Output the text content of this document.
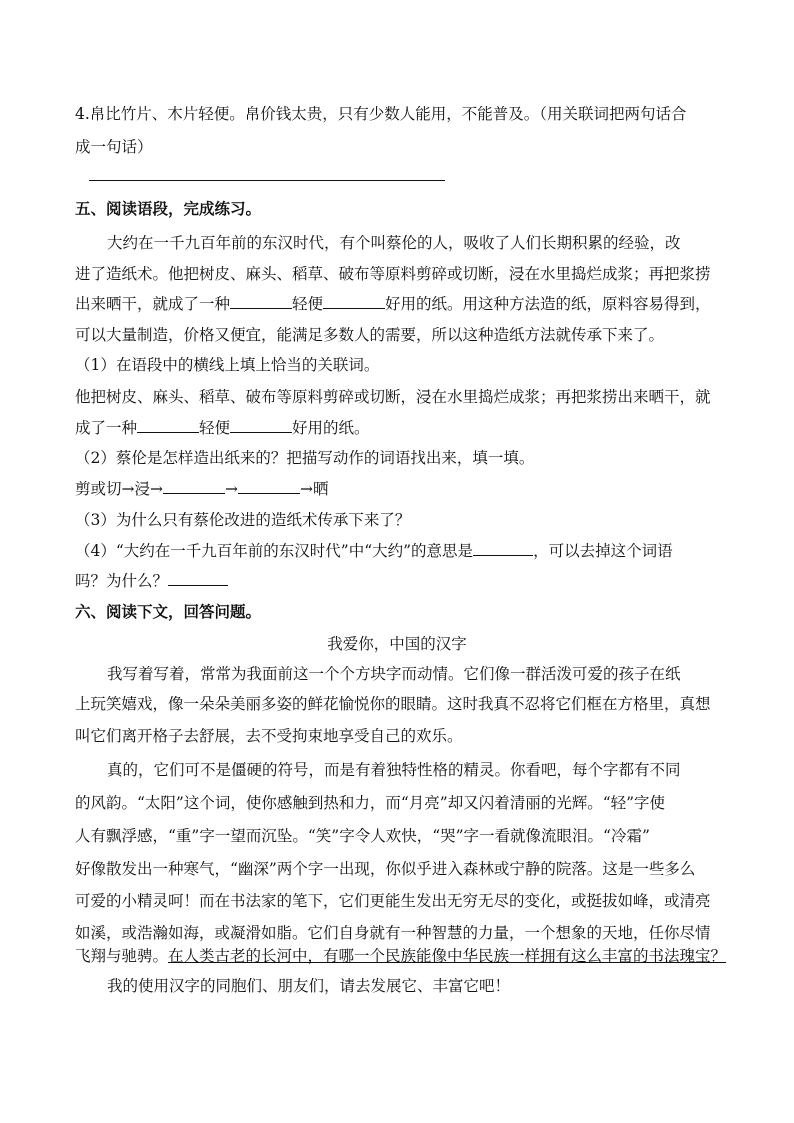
4.帛比竹片、木片轻便。帛价钱太贵，只有少数人能用，不能普及。（用关联词把两句话合
成一句话）
五、阅读语段，完成练习。
大约在一千九百年前的东汉时代，有个叫蔡伦的人，吸收了人们长期积累的经验，改
进了造纸术。他把树皮、麻头、稻草、破布等原料剪碎或切断，浸在水里捣烂成浆；再把浆捞
出来晒干，就成了一种	轻便	好用的纸。用这种方法造的纸，原料容易得到，
可以大量制造，价格又便宜，能满足多数人的需要，所以这种造纸方法就传承下来了。
（1）在语段中的横线上填上恰当的关联词。
他把树皮、麻头、稻草、破布等原料剪碎或切断，浸在水里捣烂成浆；再把浆捞出来晒干，就
成了一种	轻便	好用的纸。
（2）蔡伦是怎样造出纸来的？把描写动作的词语找出来，填一填。
剪或切→浸→	→	→晒
（3）为什么只有蔡伦改进的造纸术传承下来了？
（4）“大约在一千九百年前的东汉时代”中“大约”的意思是	，可以去掉这个词语
吗？为什么？
六、阅读下文，回答问题。
我爱你，中国的汉字
我写着写着，常常为我面前这一个个方块字而动情。它们像一群活泼可爱的孩子在纸
上玩笑嬉戏，像一朵朵美丽多姿的鲜花愉悦你的眼睛。这时我真不忍将它们框在方格里，真想
叫它们离开格子去舒展，去不受拘束地享受自己的欢乐。
真的，它们可不是僵硬的符号，而是有着独特性格的精灵。你看吧，每个字都有不同
的风韵。“太阳”这个词，使你感触到热和力，而“月亮”却又闪着清丽的光辉。“轻”字使
人有飘浮感，“重”字一望而沉坠。“笑”字令人欢快，“哭”字一看就像流眼泪。“冷霜”
好像散发出一种寒气，“幽深”两个字一出现，你似乎进入森林或宁静的院落。这是一些多么
可爱的小精灵呵！而在书法家的笔下，它们更能生发出无穷无尽的变化，或挺拔如峰，或清亮
如溪，或浩瀚如海，或凝滑如脂。它们自身就有一种智慧的力量，一个想象的天地，任你尽情
飞翔与驰骋。在人类古老的长河中，有哪一个民族能像中华民族一样拥有这么丰富的书法瑰宝？
我的使用汉字的同胞们、朋友们，请去发展它、丰富它吧！
